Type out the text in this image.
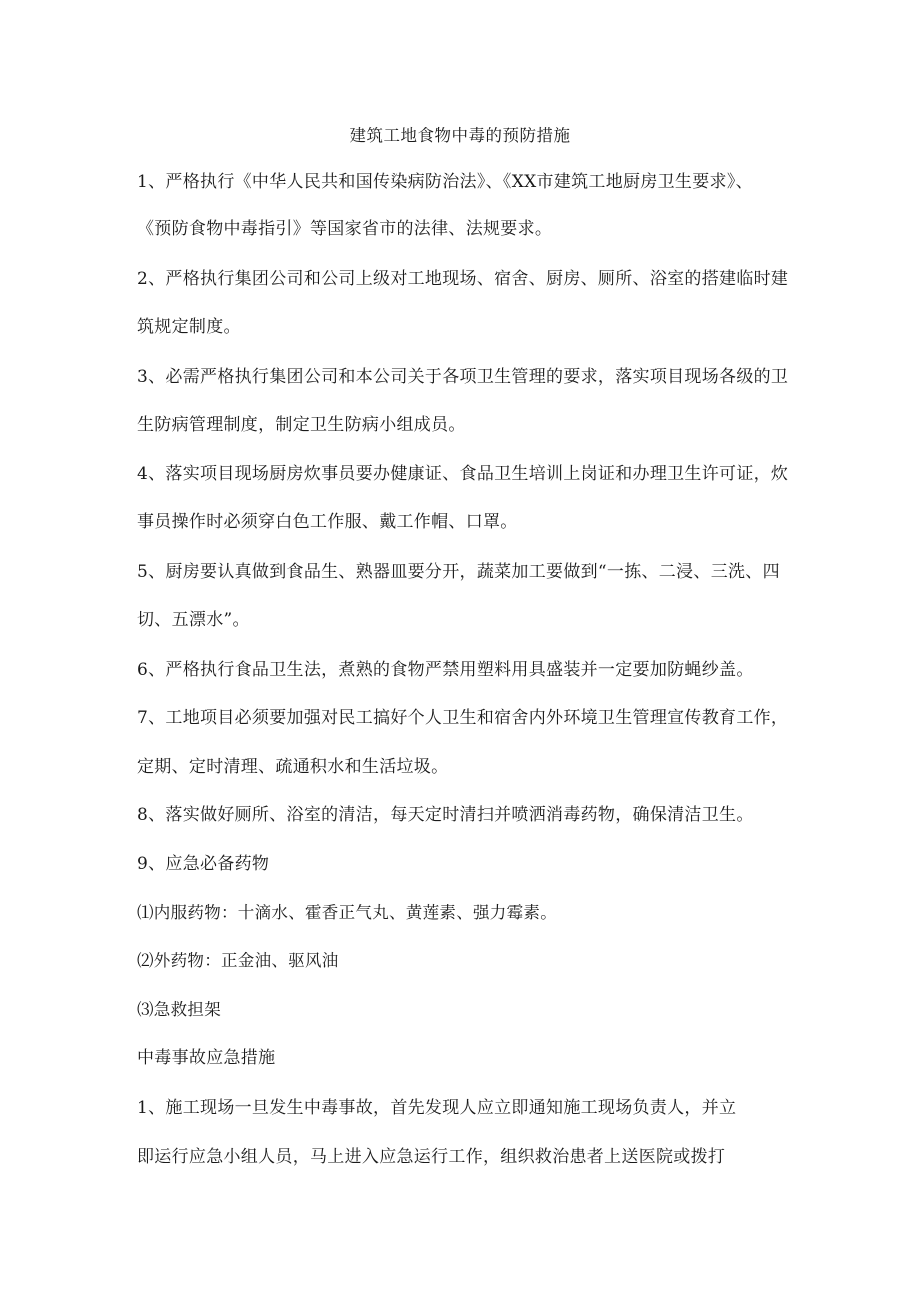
建筑工地食物中毒的预防措施
1、严格执行《中华人民共和国传染病防治法》、《XX市建筑工地厨房卫生要求》、
《预防食物中毒指引》等国家省市的法律、法规要求。
2、严格执行集团公司和公司上级对工地现场、宿舍、厨房、厕所、浴室的搭建临时建
筑规定制度。
3、必需严格执行集团公司和本公司关于各项卫生管理的要求，落实项目现场各级的卫
生防病管理制度，制定卫生防病小组成员。
4、落实项目现场厨房炊事员要办健康证、食品卫生培训上岗证和办理卫生许可证，炊
事员操作时必须穿白色工作服、戴工作帽、口罩。
5、厨房要认真做到食品生、熟器皿要分开，蔬菜加工要做到“一拣、二浸、三洗、四
切、五漂水”。
6、严格执行食品卫生法，煮熟的食物严禁用塑料用具盛装并一定要加防蝇纱盖。
7、工地项目必须要加强对民工搞好个人卫生和宿舍内外环境卫生管理宣传教育工作，
定期、定时清理、疏通积水和生活垃圾。
8、落实做好厕所、浴室的清洁，每天定时清扫并喷洒消毒药物，确保清洁卫生。
9、应急必备药物
⑴内服药物：十滴水、霍香正气丸、黄莲素、强力霉素。
⑵外药物：正金油、驱风油
⑶急救担架
中毒事故应急措施
1、施工现场一旦发生中毒事故，首先发现人应立即通知施工现场负责人，并立
即运行应急小组人员，马上进入应急运行工作，组织救治患者上送医院或拨打
